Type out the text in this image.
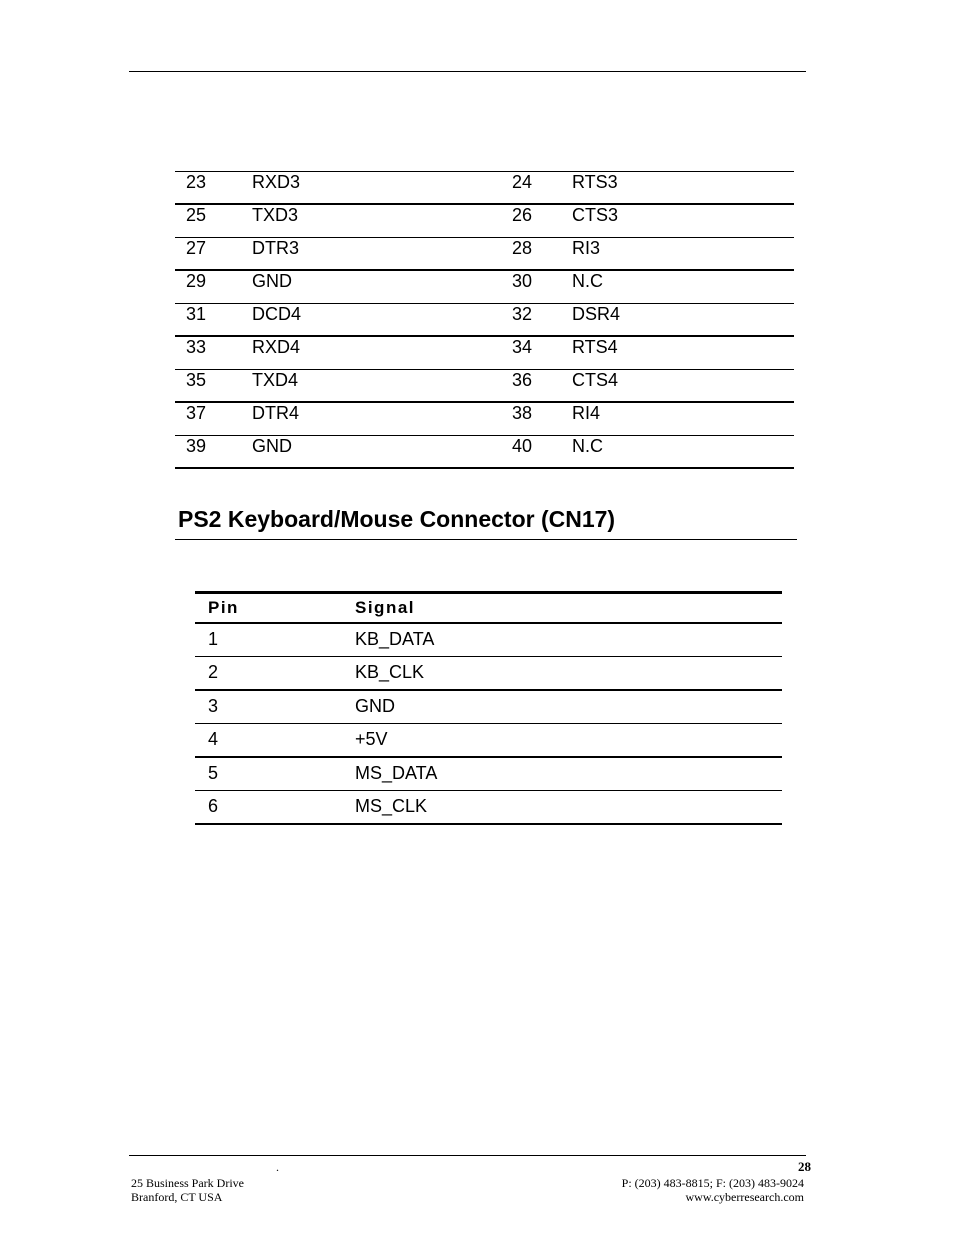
23	RXD3	24 RTS3
25	TXD3	26 CTS3
27	DTR3	28 RI3
29	GND	30 N.C
31	DCD4	32 DSR4
33	RXD4	34 RTS4
35	TXD4	36 CTS4
37	DTR4	38 RI4
39	GND	40 N.C
PS2 Keyboard/Mouse Connector (CN17)
Pin	Signal
1	KB_DATA
2	KB_CLK
3	GND
4	+5V
5	MS_DATA
6	MS_CLK
.	28
25 Business Park Drive
Branford, CT USA
P: (203) 483-8815; F: (203) 483-9024
www.cyberresearch.com
